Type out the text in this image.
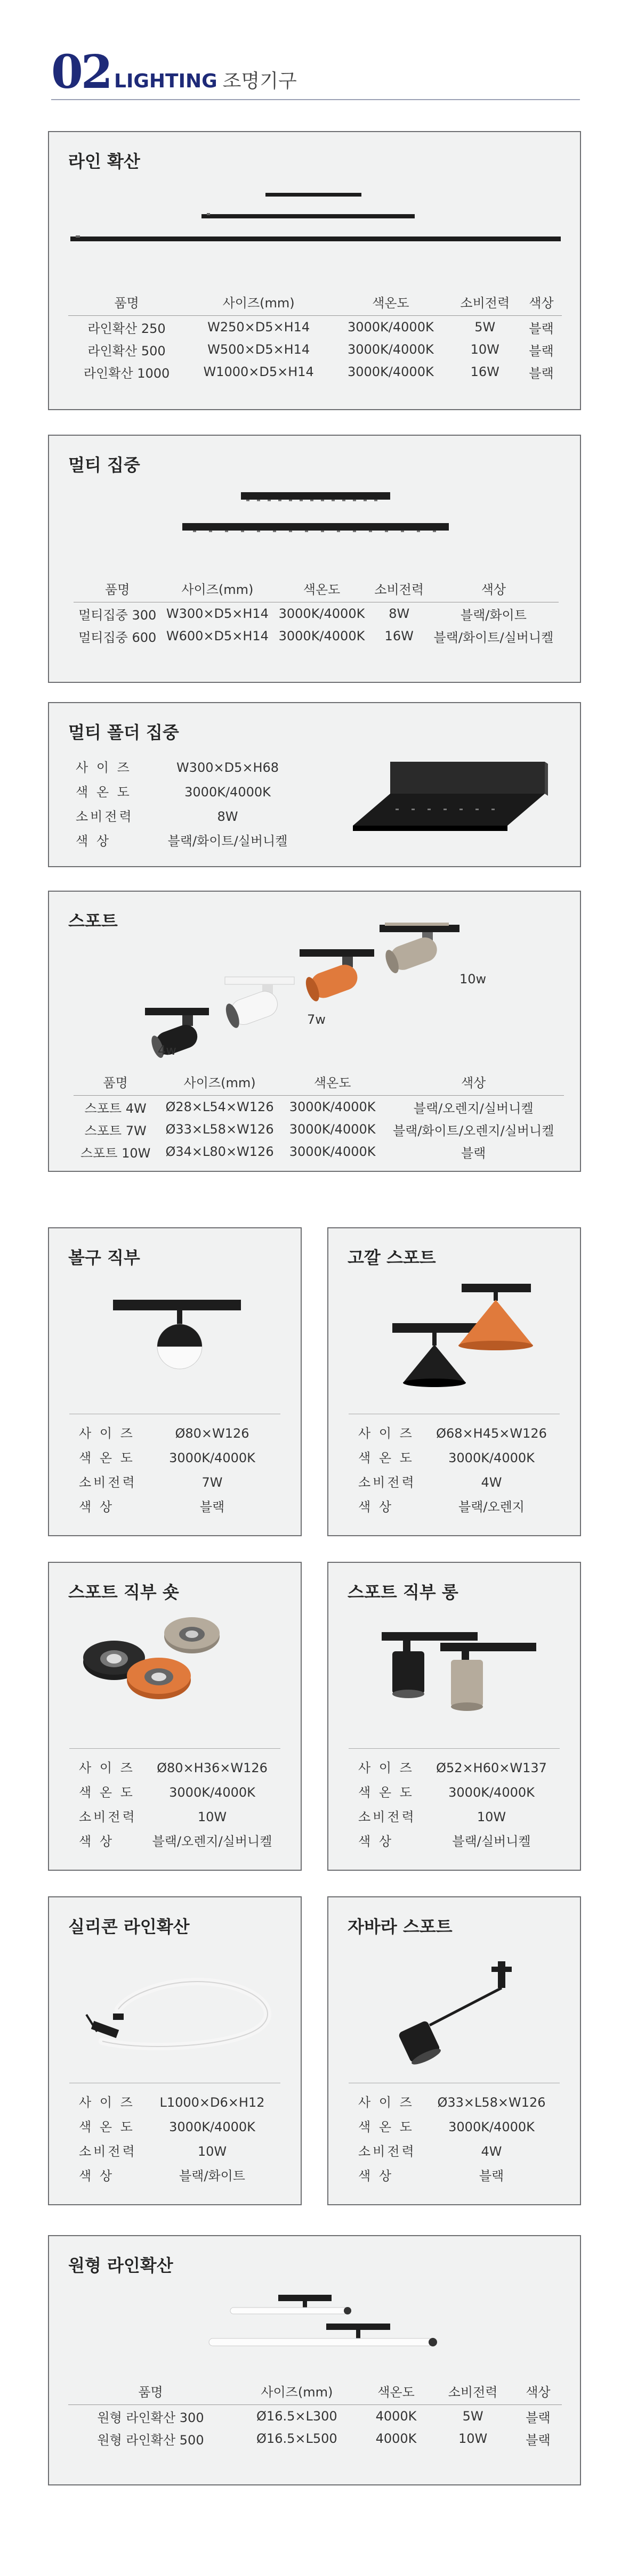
02 LIGHTING 조명기구
라인 확산
품명	사이즈(mm)	색온도	소비전력	색상
라인확산 250	W250×D5×H14	3000K/4000K	5W	블랙
라인확산 500	W500×D5×H14	3000K/4000K	10W	블랙
라인확산 1000	W1000×D5×H14	3000K/4000K	16W	블랙
멀티 집중
품명	사이즈(mm)	색온도	소비전력	색상
멀티집중 300	W300×D5×H14	3000K/4000K	8W	블랙/화이트
멀티집중 600	W600×D5×H14	3000K/4000K	16W	블랙/화이트/실버니켈
멀티 폴더 집중
사 이 즈	W300×D5×H68
색 온 도	3000K/4000K
소비전력	8W
색 상	블랙/화이트/실버니켈
스포트
4w
7w
10w
품명	사이즈(mm)	색온도	색상
스포트 4W	Ø28×L54×W126	3000K/4000K	블랙/오렌지/실버니켈
스포트 7W	Ø33×L58×W126	3000K/4000K	블랙/화이트/오렌지/실버니켈
스포트 10W	Ø34×L80×W126	3000K/4000K	블랙
볼구 직부
사 이 즈	Ø80×W126
색 온 도	3000K/4000K
소비전력	7W
색 상	블랙
고깔 스포트
사 이 즈	Ø68×H45×W126
색 온 도	3000K/4000K
소비전력	4W
색 상	블랙/오렌지
스포트 직부 숏
사 이 즈	Ø80×H36×W126
색 온 도	3000K/4000K
소비전력	10W
색 상	블랙/오렌지/실버니켈
스포트 직부 롱
사 이 즈	Ø52×H60×W137
색 온 도	3000K/4000K
소비전력	10W
색 상	블랙/실버니켈
실리콘 라인확산
사 이 즈	L1000×D6×H12
색 온 도	3000K/4000K
소비전력	10W
색 상	블랙/화이트
자바라 스포트
사 이 즈	Ø33×L58×W126
색 온 도	3000K/4000K
소비전력	4W
색 상	블랙
원형 라인확산
품명	사이즈(mm)	색온도	소비전력	색상
원형 라인확산 300	Ø16.5×L300	4000K	5W	블랙
원형 라인확산 500	Ø16.5×L500	4000K	10W	블랙
